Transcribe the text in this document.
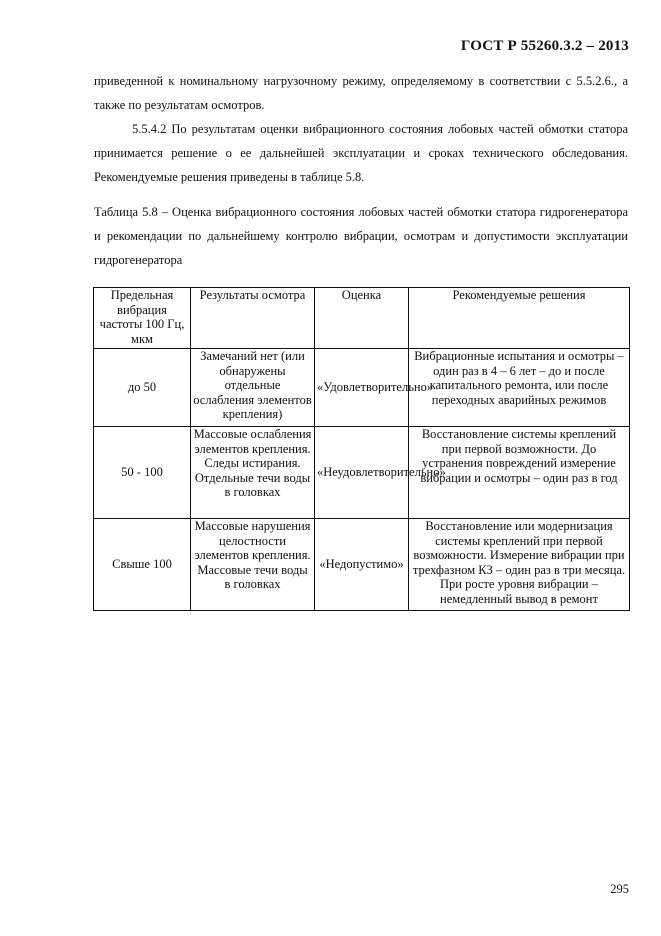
ГОСТ Р 55260.3.2 – 2013

приведенной к номинальному нагрузочному режиму, определяемому в соответствии с 5.5.2.6., а также по результатам осмотров.

5.5.4.2 По результатам оценки вибрационного состояния лобовых частей обмотки статора принимается решение о ее дальнейшей эксплуатации и сроках технического обследования. Рекомендуемые решения приведены в таблице 5.8.

Таблица 5.8 – Оценка вибрационного состояния лобовых частей обмотки статора гидрогенератора и рекомендации по дальнейшему контролю вибрации, осмотрам и допустимости эксплуатации гидрогенератора

Предельная вибрация частоты 100 Гц, мкм	Результаты осмотра	Оценка	Рекомендуемые решения
до 50	Замечаний нет (или обнаружены отдельные ослабления элементов крепления)	«Удовлетворительно»	Вибрационные испытания и осмотры – один раз в 4 – 6 лет – до и после капитального ремонта, или после переходных аварийных режимов
50 - 100	Массовые ослабления элементов крепления. Следы истирания. Отдельные течи воды в головках	«Неудовлетворительно»	Восстановление системы креплений при первой возможности. До устранения повреждений измерение вибрации и осмотры – один раз в год
Свыше 100	Массовые нарушения целостности элементов крепления. Массовые течи воды в головках	«Недопустимо»	Восстановление или модернизация системы креплений при первой возможности. Измерение вибрации при трехфазном КЗ – один раз в три месяца. При росте уровня вибрации – немедленный вывод в ремонт
295
